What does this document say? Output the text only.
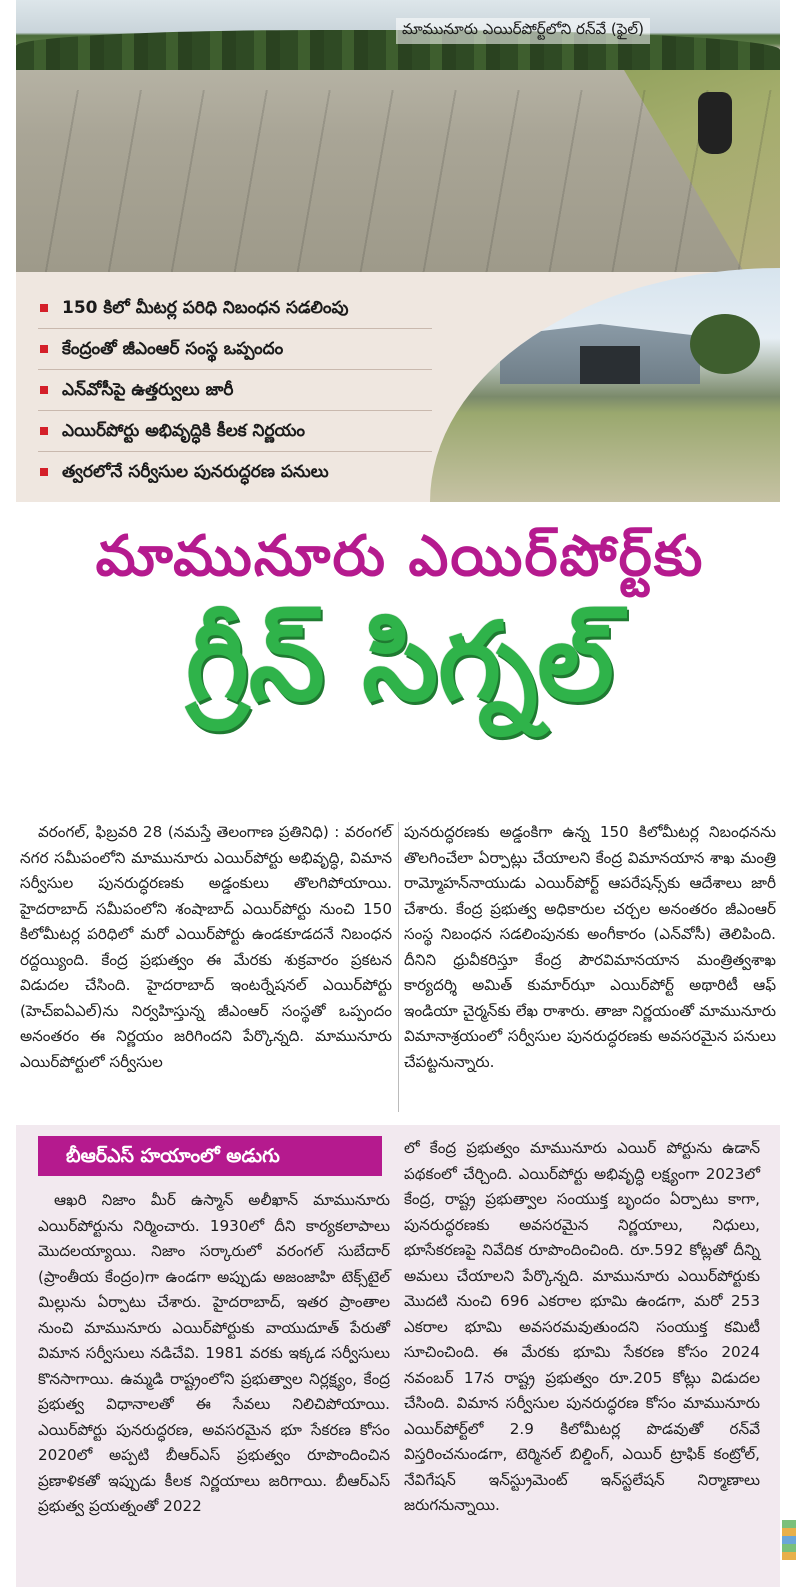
మామునూరు ఎయిర్‌పోర్ట్‌లోని రన్‌వే (ఫైల్)
150 కిలో మీటర్ల పరిధి నిబంధన సడలింపు
కేంద్రంతో జీఎంఆర్ సంస్థ ఒప్పందం
ఎన్‌వోసీపై ఉత్తర్వులు జారీ
ఎయిర్‌పోర్టు అభివృద్ధికి కీలక నిర్ణయం
త్వరలోనే సర్వీసుల పునరుద్ధరణ పనులు
మామునూరు ఎయిర్‌పోర్ట్‌కు
గ్రీన్ సిగ్నల్

వరంగల్, ఫిబ్రవరి 28 (నమస్తే తెలంగాణ ప్రతినిధి) : వరంగల్ నగర సమీపంలోని మామునూరు ఎయిర్‌పోర్టు అభివృద్ధి, విమాన సర్వీసుల పునరుద్ధరణకు అడ్డంకులు తొలగిపోయాయి. హైదరాబాద్ సమీపంలోని శంషాబాద్ ఎయిర్‌పోర్టు నుంచి 150 కిలోమీటర్ల పరిధిలో మరో ఎయిర్‌పోర్టు ఉండకూడదనే నిబంధన రద్దయ్యింది. కేంద్ర ప్రభుత్వం ఈ మేరకు శుక్రవారం ప్రకటన విడుదల చేసింది. హైదరాబాద్ ఇంటర్నేషనల్ ఎయిర్‌పోర్టు (హెచ్‌ఐఏఎల్)ను నిర్వహిస్తున్న జీఎంఆర్ సంస్థతో ఒప్పందం అనంతరం ఈ నిర్ణయం జరిగిందని పేర్కొన్నది. మామునూరు ఎయిర్‌పోర్టులో సర్వీసుల

పునరుద్ధరణకు అడ్డంకిగా ఉన్న 150 కిలోమీటర్ల నిబంధనను తొలగించేలా ఏర్పాట్లు చేయాలని కేంద్ర విమానయాన శాఖ మంత్రి రామ్మోహన్‌నాయుడు ఎయిర్‌పోర్ట్ ఆపరేషన్స్‌కు ఆదేశాలు జారీ చేశారు. కేంద్ర ప్రభుత్వ అధికారుల చర్చల అనంతరం జీఎంఆర్ సంస్థ నిబంధన సడలింపునకు అంగీకారం (ఎన్‌వోసీ) తెలిపింది. దీనిని ధ్రువీకరిస్తూ కేంద్ర పౌరవిమానయాన మంత్రిత్వశాఖ కార్యదర్శి అమిత్ కుమార్‌ఝా ఎయిర్‌పోర్ట్ అథారిటీ ఆఫ్ ఇండియా చైర్మన్‌కు లేఖ రాశారు. తాజా నిర్ణయంతో మామునూరు విమానాశ్రయంలో సర్వీసుల పునరుద్ధరణకు అవసరమైన పనులు చేపట్టనున్నారు.

బీఆర్‌ఎస్ హయాంలో అడుగు

ఆఖరి నిజాం మీర్ ఉస్మాన్ అలీఖాన్ మామునూరు ఎయిర్‌పోర్టును నిర్మించారు. 1930లో దీని కార్యకలాపాలు మొదలయ్యాయి. నిజాం సర్కారులో వరంగల్ సుబేదార్ (ప్రాంతీయ కేంద్రం)గా ఉండగా అప్పుడు అజంజాహి టెక్స్‌టైల్ మిల్లును ఏర్పాటు చేశారు. హైదరాబాద్, ఇతర ప్రాంతాల నుంచి మామునూరు ఎయిర్‌పోర్టుకు వాయుదూత్ పేరుతో విమాన సర్వీసులు నడిచేవి. 1981 వరకు ఇక్కడ సర్వీసులు కొనసాగాయి. ఉమ్మడి రాష్ట్రంలోని ప్రభుత్వాల నిర్లక్ష్యం, కేంద్ర ప్రభుత్వ విధానాలతో ఈ సేవలు నిలిచిపోయాయి. ఎయిర్‌పోర్టు పునరుద్ధరణ, అవసరమైన భూ సేకరణ కోసం 2020లో అప్పటి బీఆర్‌ఎస్ ప్రభుత్వం రూపొందించిన ప్రణాళికతో ఇప్పుడు కీలక నిర్ణయాలు జరిగాయి. బీఆర్‌ఎస్ ప్రభుత్వ ప్రయత్నంతో 2022

లో కేంద్ర ప్రభుత్వం మామునూరు ఎయిర్ పోర్టును ఉడాన్ పథకంలో చేర్చింది. ఎయిర్‌పోర్టు అభివృద్ధి లక్ష్యంగా 2023లో కేంద్ర, రాష్ట్ర ప్రభుత్వాల సంయుక్త బృందం ఏర్పాటు కాగా, పునరుద్ధరణకు అవసరమైన నిర్ణయాలు, నిధులు, భూసేకరణపై నివేదిక రూపొందించింది. రూ.592 కోట్లతో దీన్ని అమలు చేయాలని పేర్కొన్నది. మామునూరు ఎయిర్‌పోర్టుకు మొదటి నుంచి 696 ఎకరాల భూమి ఉండగా, మరో 253 ఎకరాల భూమి అవసరమవుతుందని సంయుక్త కమిటీ సూచించింది. ఈ మేరకు భూమి సేకరణ కోసం 2024 నవంబర్ 17న రాష్ట్ర ప్రభుత్వం రూ.205 కోట్లు విడుదల చేసింది. విమాన సర్వీసుల పునరుద్ధరణ కోసం మామునూరు ఎయిర్‌పోర్ట్‌లో 2.9 కిలోమీటర్ల పొడవుతో రన్‌వే విస్తరించనుండగా, టెర్మినల్ బిల్డింగ్, ఎయిర్ ట్రాఫిక్ కంట్రోల్, నేవిగేషన్ ఇన్‌స్ట్రుమెంట్ ఇన్‌స్టలేషన్ నిర్మాణాలు జరుగనున్నాయి.
